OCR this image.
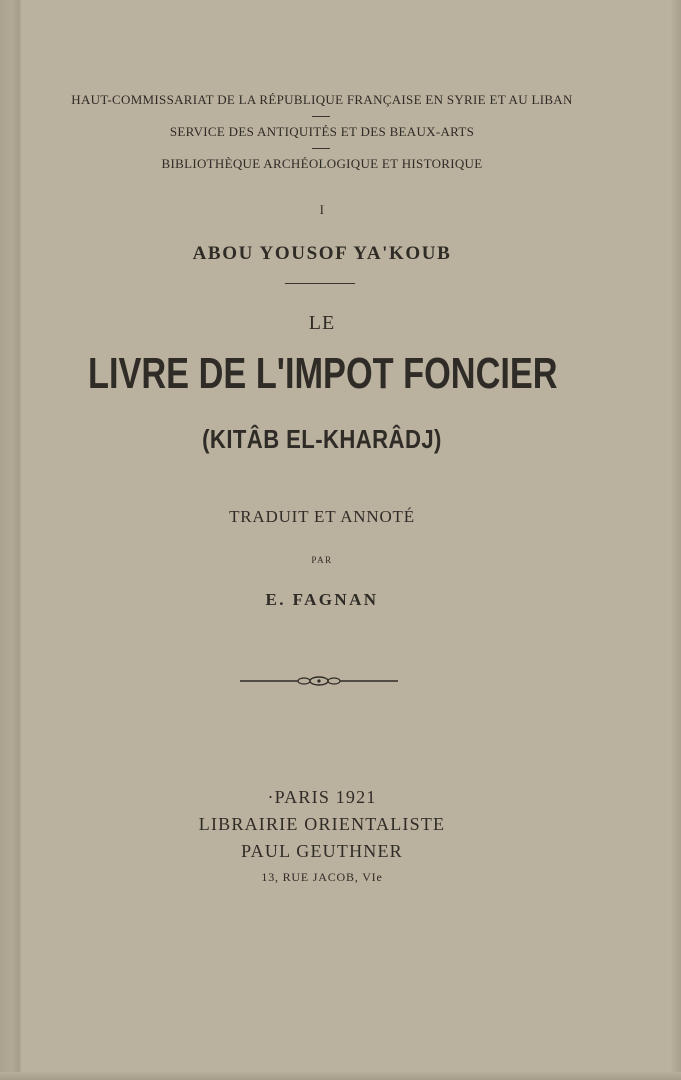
HAUT-COMMISSARIAT DE LA RÉPUBLIQUE FRANÇAISE EN SYRIE ET AU LIBAN
SERVICE DES ANTIQUITÉS ET DES BEAUX-ARTS
BIBLIOTHÈQUE ARCHÉOLOGIQUE ET HISTORIQUE
I
ABOU YOUSOF YA'KOUB
LE
LIVRE DE L'IMPOT FONCIER
(KITÂB EL-KHARÂDJ)
TRADUIT ET ANNOTÉ
PAR
E. FAGNAN
·PARIS 1921
LIBRAIRIE ORIENTALISTE
PAUL GEUTHNER
13, RUE JACOB, VIe
